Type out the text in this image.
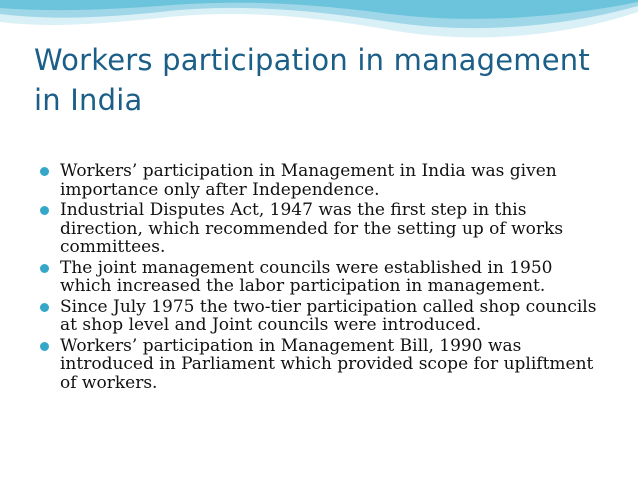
Workers participation in management in India
Workers’ participation in Management in India was given importance only after Independence.
Industrial Disputes Act, 1947 was the first step in this direction, which recommended for the setting up of works committees.
The joint management councils were established in 1950 which increased the labor participation in management.
Since July 1975 the two-tier participation called shop councils at shop level and Joint councils were introduced.
Workers’ participation in Management Bill, 1990 was introduced in Parliament which provided scope for upliftment of workers.
